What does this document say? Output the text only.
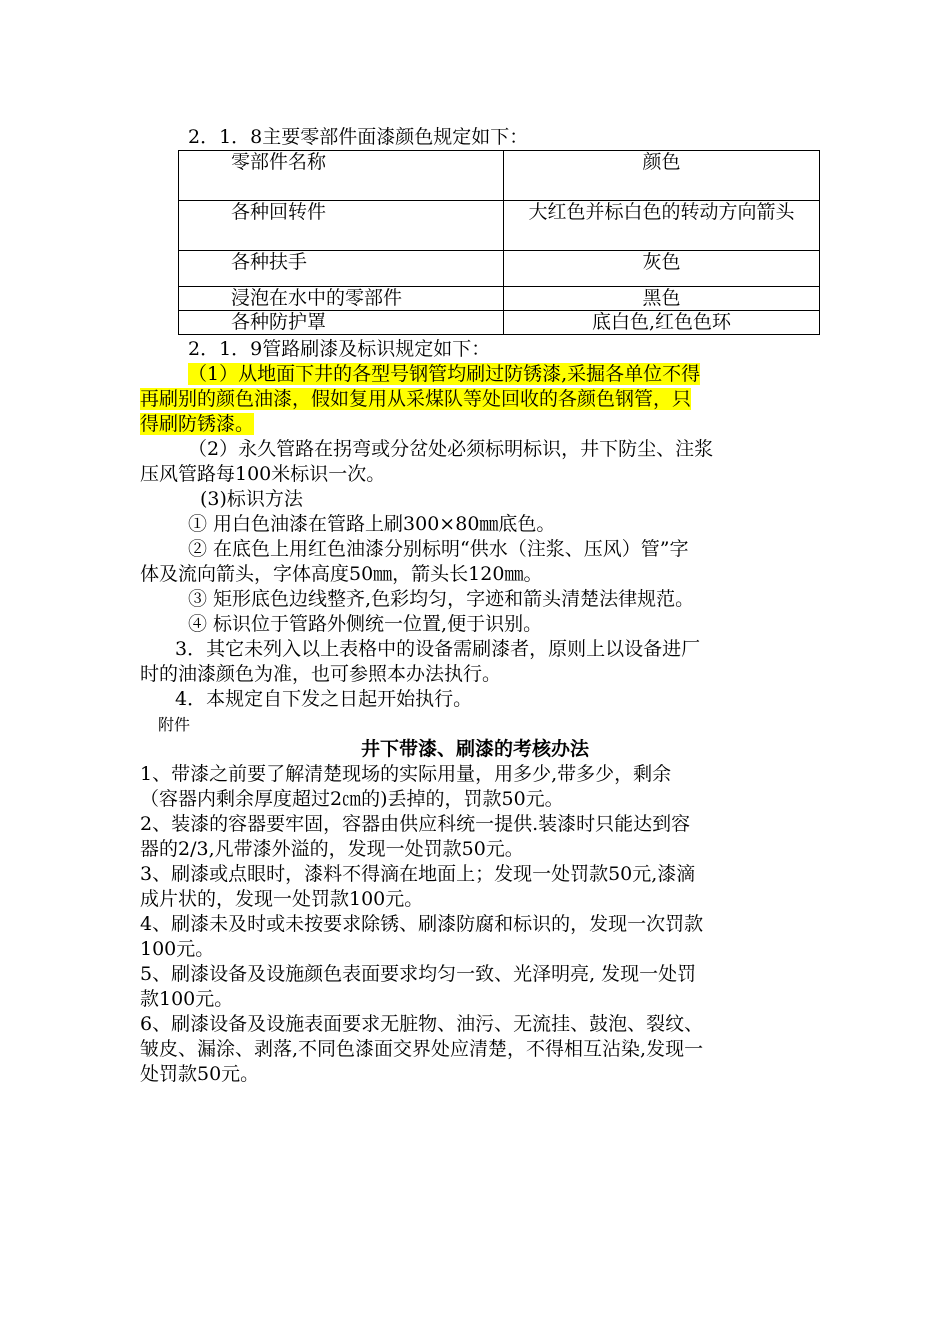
2．1．8主要零部件面漆颜色规定如下：
零部件名称	颜色
各种回转件	大红色并标白色的转动方向箭头
各种扶手	灰色
浸泡在水中的零部件	黑色
各种防护罩	底白色,红色色环
2．1．9管路刷漆及标识规定如下：
（1）从地面下井的各型号钢管均刷过防锈漆,采掘各单位不得
再刷别的颜色油漆，假如复用从采煤队等处回收的各颜色钢管，只
得刷防锈漆。
（2）永久管路在拐弯或分岔处必须标明标识，井下防尘、注浆
压风管路每100米标识一次。
(3)标识方法
① 用白色油漆在管路上刷300×80㎜底色。
② 在底色上用红色油漆分别标明“供水（注浆、压风）管”字
体及流向箭头，字体高度50㎜，箭头长120㎜。
③ 矩形底色边线整齐,色彩均匀，字迹和箭头清楚法律规范。
④ 标识位于管路外侧统一位置,便于识别。
3．其它未列入以上表格中的设备需刷漆者，原则上以设备进厂
时的油漆颜色为准，也可参照本办法执行。
4．本规定自下发之日起开始执行。
附件
井下带漆、刷漆的考核办法
1、带漆之前要了解清楚现场的实际用量，用多少,带多少，剩余
（容器内剩余厚度超过2㎝的)丢掉的，罚款50元。
2、装漆的容器要牢固，容器由供应科统一提供.装漆时只能达到容
器的2/3,凡带漆外溢的，发现一处罚款50元。
3、刷漆或点眼时，漆料不得滴在地面上；发现一处罚款50元,漆滴
成片状的，发现一处罚款100元。
4、刷漆未及时或未按要求除锈、刷漆防腐和标识的，发现一次罚款
100元。
5、刷漆设备及设施颜色表面要求均匀一致、光泽明亮, 发现一处罚
款100元。
6、刷漆设备及设施表面要求无脏物、油污、无流挂、鼓泡、裂纹、
皱皮、漏涂、剥落,不同色漆面交界处应清楚，不得相互沾染,发现一
处罚款50元。
